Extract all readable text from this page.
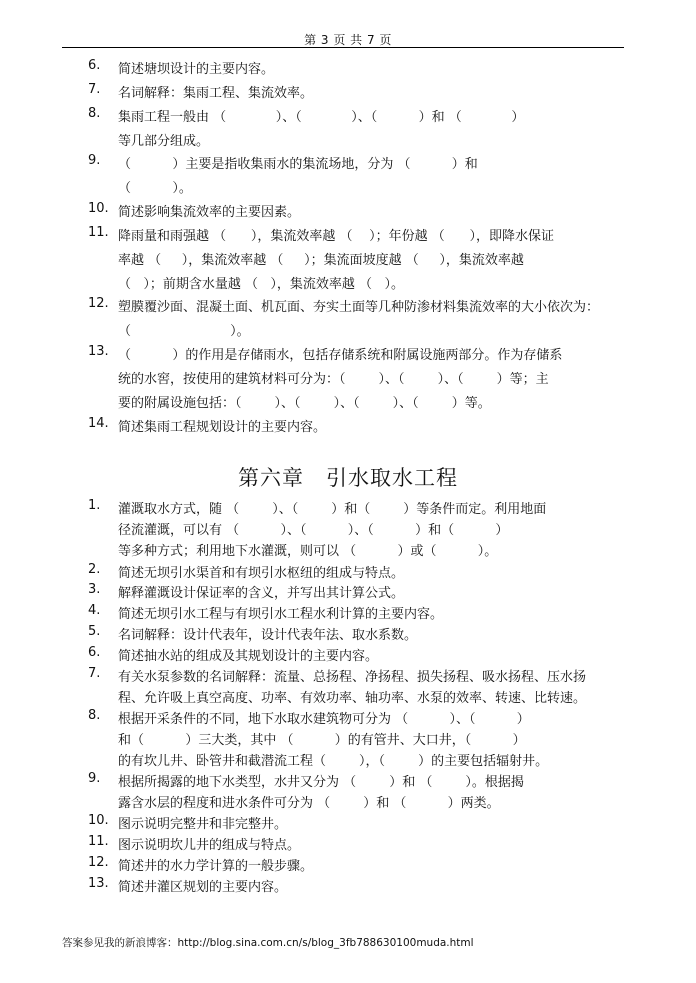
第 3 页 共 7 页
6. 简述塘坝设计的主要内容。
7. 名词解释：集雨工程、集流效率。
8. 集雨工程一般由 （            ）、（            ）、（          ）和 （            ）
等几部分组成。
9. （          ）主要是指收集雨水的集流场地，分为 （          ）和
（          ）。
10. 简述影响集流效率的主要因素。
11. 降雨量和雨强越 （      ），集流效率越 （    ）；年份越 （      ），即降水保证
率越 （     ），集流效率越 （     ）；集流面坡度越 （     ），集流效率越
（   ）；前期含水量越 （   ），集流效率越 （   ）。
12. 塑膜覆沙面、混凝土面、机瓦面、夯实土面等几种防渗材料集流效率的大小依次为：
（                        ）。
13. （          ）的作用是存储雨水，包括存储系统和附属设施两部分。作为存储系
统的水窖，按使用的建筑材料可分为：（        ）、（        ）、（        ）等；主
要的附属设施包括：（        ）、（        ）、（        ）、（        ）等。
14. 简述集雨工程规划设计的主要内容。
第六章　引水取水工程
1. 灌溉取水方式，随 （        ）、（        ）和（        ）等条件而定。利用地面
径流灌溉，可以有 （          ）、（          ）、（          ）和（          ）
等多种方式；利用地下水灌溉，则可以 （          ）或（          ）。
2. 简述无坝引水渠首和有坝引水枢纽的组成与特点。
3. 解释灌溉设计保证率的含义，并写出其计算公式。
4. 简述无坝引水工程与有坝引水工程水利计算的主要内容。
5. 名词解释：设计代表年，设计代表年法、取水系数。
6. 简述抽水站的组成及其规划设计的主要内容。
7. 有关水泵参数的名词解释：流量、总扬程、净扬程、损失扬程、吸水扬程、压水扬
程、允许吸上真空高度、功率、有效功率、轴功率、水泵的效率、转速、比转速。
8. 根据开采条件的不同，地下水取水建筑物可分为 （          ）、（          ）
和（          ）三大类，其中 （          ）的有管井、大口井，（          ）
的有坎儿井、卧管井和截潜流工程（        ），（        ）的主要包括辐射井。
9. 根据所揭露的地下水类型，水井又分为 （        ）和 （        ）。根据揭
露含水层的程度和进水条件可分为 （        ）和 （          ）两类。
10. 图示说明完整井和非完整井。
11. 图示说明坎儿井的组成与特点。
12. 简述井的水力学计算的一般步骤。
13. 简述井灌区规划的主要内容。
答案参见我的新浪博客：http://blog.sina.com.cn/s/blog_3fb788630100muda.html
